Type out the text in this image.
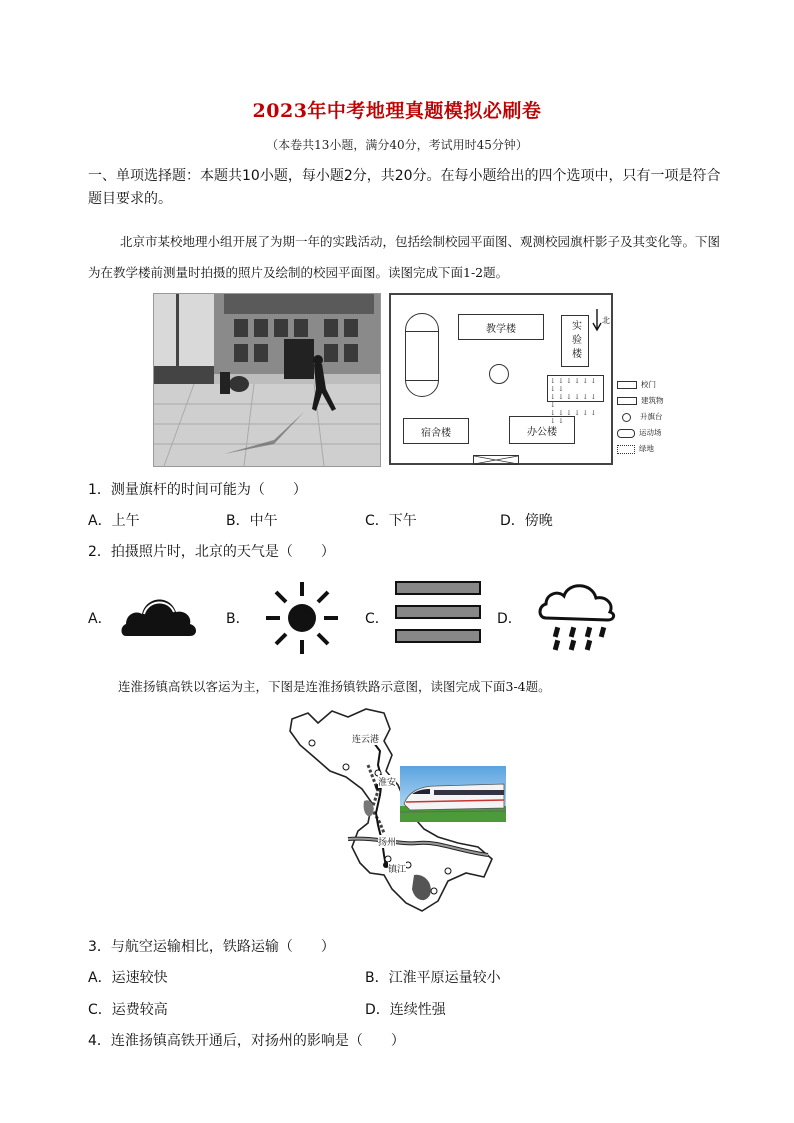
2023年中考地理真题模拟必刷卷
（本卷共13小题，满分40分，考试用时45分钟）
一、单项选择题：本题共10小题，每小题2分，共20分。在每小题给出的四个选项中，只有一项是符合题目要求的。
北京市某校地理小组开展了为期一年的实践活动，包括绘制校园平面图、观测校园旗杆影子及其变化等。下图为在教学楼前测量时拍摄的照片及绘制的校园平面图。读图完成下面1-2题。
教学楼	实验楼	北
↓ ↓ ↓ ↓ ↓ ↓ ↓ ↓
↓ ↓ ↓ ↓ ↓ ↓ ↓
↓ ↓ ↓ ↓ ↓ ↓ ↓ ↓
宿舍楼	办公楼
校门
建筑物
升旗台
运动场
绿地
1．测量旗杆的时间可能为（　　）
A．上午	B．中午	C．下午	D．傍晚
2．拍摄照片时，北京的天气是（　　）
A．	B．	C．	D．
连淮扬镇高铁以客运为主，下图是连淮扬镇铁路示意图，读图完成下面3-4题。
连云港
淮安
扬州
镇江
3．与航空运输相比，铁路运输（　　）
A．运速较快	B．江淮平原运量较小
C．运费较高	D．连续性强
4．连淮扬镇高铁开通后，对扬州的影响是（　　）
